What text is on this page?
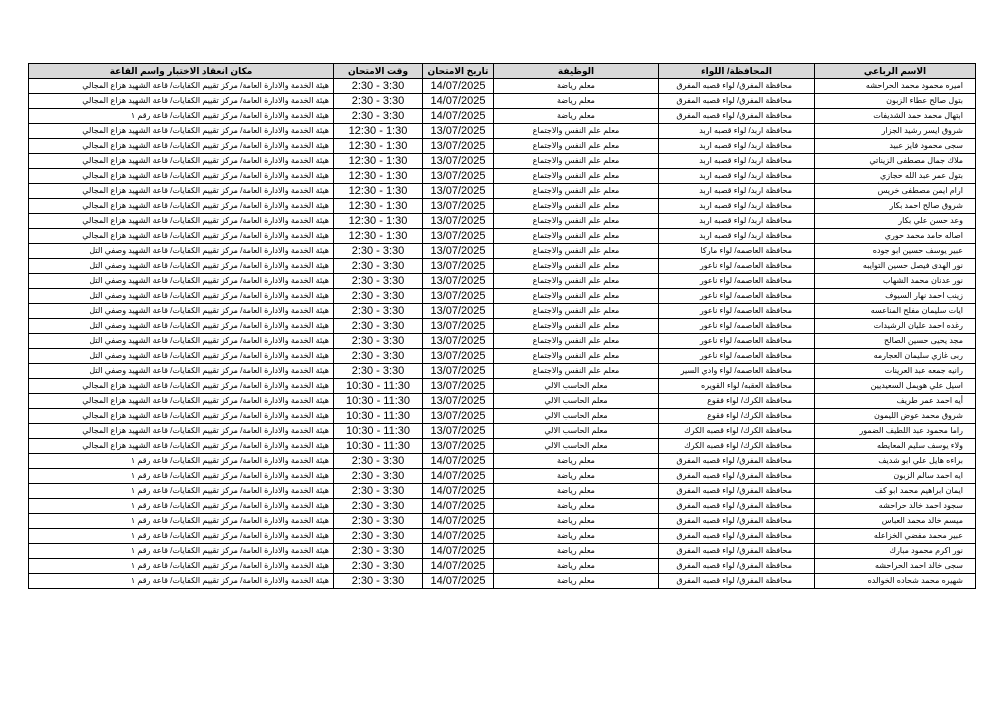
مكان انعقاد الاختبار واسم القاعة	وقت الامتحان	تاريخ الامتحان	الوظيفة	المحافظة/ اللواء	الاسم الرباعي
هيئة الخدمة والادارة العامة/ مركز تقييم الكفايات/ قاعة الشهيد هزاع المجالي	2:30 - 3:30	14/07/2025	معلم رياضة	محافظة المفرق/ لواء قصبه المفرق	اميره محمود محمد الحراحشه
هيئة الخدمة والادارة العامة/ مركز تقييم الكفايات/ قاعة الشهيد هزاع المجالي	2:30 - 3:30	14/07/2025	معلم رياضة	محافظة المفرق/ لواء قصبه المفرق	بتول صالح عطاء الزبون
هيئة الخدمة والادارة العامة/ مركز تقييم الكفايات/ قاعة رقم ١	2:30 - 3:30	14/07/2025	معلم رياضة	محافظة المفرق/ لواء قصبه المفرق	ابتهال محمد حمد الشديفات
هيئة الخدمة والادارة العامة/ مركز تقييم الكفايات/ قاعة الشهيد هزاع المجالي	12:30 - 1:30	13/07/2025	معلم علم النفس والاجتماع	محافظة اربد/ لواء قصبه اربد	شروق ايسر رشيد الجزار
هيئة الخدمة والادارة العامة/ مركز تقييم الكفايات/ قاعة الشهيد هزاع المجالي	12:30 - 1:30	13/07/2025	معلم علم النفس والاجتماع	محافظة اربد/ لواء قصبه اربد	سجى محمود فايز عبيد
هيئة الخدمة والادارة العامة/ مركز تقييم الكفايات/ قاعة الشهيد هزاع المجالي	12:30 - 1:30	13/07/2025	معلم علم النفس والاجتماع	محافظة اربد/ لواء قصبه اربد	ملاك جمال مصطفى الزيناتي
هيئة الخدمة والادارة العامة/ مركز تقييم الكفايات/ قاعة الشهيد هزاع المجالي	12:30 - 1:30	13/07/2025	معلم علم النفس والاجتماع	محافظة اربد/ لواء قصبه اربد	بتول عمر عبد الله حجازي
هيئة الخدمة والادارة العامة/ مركز تقييم الكفايات/ قاعة الشهيد هزاع المجالي	12:30 - 1:30	13/07/2025	معلم علم النفس والاجتماع	محافظة اربد/ لواء قصبه اربد	ارام ايمن مصطفى خريس
هيئة الخدمة والادارة العامة/ مركز تقييم الكفايات/ قاعة الشهيد هزاع المجالي	12:30 - 1:30	13/07/2025	معلم علم النفس والاجتماع	محافظة اربد/ لواء قصبه اربد	شروق صالح احمد بكار
هيئة الخدمة والادارة العامة/ مركز تقييم الكفايات/ قاعة الشهيد هزاع المجالي	12:30 - 1:30	13/07/2025	معلم علم النفس والاجتماع	محافظة اربد/ لواء قصبه اربد	وعد حسن علي بكار
هيئة الخدمة والادارة العامة/ مركز تقييم الكفايات/ قاعة الشهيد هزاع المجالي	12:30 - 1:30	13/07/2025	معلم علم النفس والاجتماع	محافظة اربد/ لواء قصبه اربد	اصاله حامد محمد حوري
هيئة الخدمة والادارة العامة/ مركز تقييم الكفايات/ قاعة الشهيد وصفي التل	2:30 - 3:30	13/07/2025	معلم علم النفس والاجتماع	محافظة العاصمه/ لواء ماركا	عبير يوسف حسين ابو جوده
هيئة الخدمة والادارة العامة/ مركز تقييم الكفايات/ قاعة الشهيد وصفي التل	2:30 - 3:30	13/07/2025	معلم علم النفس والاجتماع	محافظة العاصمه/ لواء ناعور	نور الهدى فيصل حسين التوايبه
هيئة الخدمة والادارة العامة/ مركز تقييم الكفايات/ قاعة الشهيد وصفي التل	2:30 - 3:30	13/07/2025	معلم علم النفس والاجتماع	محافظة العاصمه/ لواء ناعور	نور عدنان محمد الشهاب
هيئة الخدمة والادارة العامة/ مركز تقييم الكفايات/ قاعة الشهيد وصفي التل	2:30 - 3:30	13/07/2025	معلم علم النفس والاجتماع	محافظة العاصمه/ لواء ناعور	زينب احمد نهار السيوف
هيئة الخدمة والادارة العامة/ مركز تقييم الكفايات/ قاعة الشهيد وصفي التل	2:30 - 3:30	13/07/2025	معلم علم النفس والاجتماع	محافظة العاصمه/ لواء ناعور	ايات سليمان مفلح المناعسه
هيئة الخدمة والادارة العامة/ مركز تقييم الكفايات/ قاعة الشهيد وصفي التل	2:30 - 3:30	13/07/2025	معلم علم النفس والاجتماع	محافظة العاصمه/ لواء ناعور	رغده احمد عليان الرشيدات
هيئة الخدمة والادارة العامة/ مركز تقييم الكفايات/ قاعة الشهيد وصفي التل	2:30 - 3:30	13/07/2025	معلم علم النفس والاجتماع	محافظة العاصمه/ لواء ناعور	مجد يحيى حسين الصالح
هيئة الخدمة والادارة العامة/ مركز تقييم الكفايات/ قاعة الشهيد وصفي التل	2:30 - 3:30	13/07/2025	معلم علم النفس والاجتماع	محافظة العاصمه/ لواء ناعور	ربى غازي سليمان العجارمه
هيئة الخدمة والادارة العامة/ مركز تقييم الكفايات/ قاعة الشهيد وصفي التل	2:30 - 3:30	13/07/2025	معلم علم النفس والاجتماع	محافظة العاصمه/ لواء وادي السير	رانيه جمعه عبد العرينات
هيئة الخدمة والادارة العامة/ مركز تقييم الكفايات/ قاعة الشهيد هزاع المجالي	10:30 - 11:30	13/07/2025	معلم الحاسب الالي	محافظة العقبه/ لواء القويره	اسيل علي هويمل السعيديين
هيئة الخدمة والادارة العامة/ مركز تقييم الكفايات/ قاعة الشهيد هزاع المجالي	10:30 - 11:30	13/07/2025	معلم الحاسب الالي	محافظة الكرك/ لواء فقوع	أيه احمد عمر طريف
هيئة الخدمة والادارة العامة/ مركز تقييم الكفايات/ قاعة الشهيد هزاع المجالي	10:30 - 11:30	13/07/2025	معلم الحاسب الالي	محافظة الكرك/ لواء فقوع	شروق محمد عوض الليمون
هيئة الخدمة والادارة العامة/ مركز تقييم الكفايات/ قاعة الشهيد هزاع المجالي	10:30 - 11:30	13/07/2025	معلم الحاسب الالي	محافظة الكرك/ لواء قصبه الكرك	راما محمود عبد اللطيف الضمور
هيئة الخدمة والادارة العامة/ مركز تقييم الكفايات/ قاعة الشهيد هزاع المجالي	10:30 - 11:30	13/07/2025	معلم الحاسب الالي	محافظة الكرك/ لواء قصبه الكرك	ولاء يوسف سليم المعايطه
هيئة الخدمة والادارة العامة/ مركز تقييم الكفايات/ قاعة رقم ١	2:30 - 3:30	14/07/2025	معلم رياضة	محافظة المفرق/ لواء قصبه المفرق	براءه هايل علي ابو شديف
هيئة الخدمة والادارة العامة/ مركز تقييم الكفايات/ قاعة رقم ١	2:30 - 3:30	14/07/2025	معلم رياضة	محافظة المفرق/ لواء قصبه المفرق	ايه احمد سالم الزبون
هيئة الخدمة والادارة العامة/ مركز تقييم الكفايات/ قاعة رقم ١	2:30 - 3:30	14/07/2025	معلم رياضة	محافظة المفرق/ لواء قصبه المفرق	ايمان ابراهيم محمد ابو كف
هيئة الخدمة والادارة العامة/ مركز تقييم الكفايات/ قاعة رقم ١	2:30 - 3:30	14/07/2025	معلم رياضة	محافظة المفرق/ لواء قصبه المفرق	سجود احمد خالد حراحشه
هيئة الخدمة والادارة العامة/ مركز تقييم الكفايات/ قاعة رقم ١	2:30 - 3:30	14/07/2025	معلم رياضة	محافظة المفرق/ لواء قصبه المفرق	ميسم خالد محمد العباس
هيئة الخدمة والادارة العامة/ مركز تقييم الكفايات/ قاعة رقم ١	2:30 - 3:30	14/07/2025	معلم رياضة	محافظة المفرق/ لواء قصبه المفرق	عبير محمد مفضي الخزاعله
هيئة الخدمة والادارة العامة/ مركز تقييم الكفايات/ قاعة رقم ١	2:30 - 3:30	14/07/2025	معلم رياضة	محافظة المفرق/ لواء قصبه المفرق	نور اكرم محمود مبارك
هيئة الخدمة والادارة العامة/ مركز تقييم الكفايات/ قاعة رقم ١	2:30 - 3:30	14/07/2025	معلم رياضة	محافظة المفرق/ لواء قصبه المفرق	سجى خالد احمد الحراحشه
هيئة الخدمة والادارة العامة/ مركز تقييم الكفايات/ قاعة رقم ١	2:30 - 3:30	14/07/2025	معلم رياضة	محافظة المفرق/ لواء قصبه المفرق	شهيره محمد شحاده الخوالده
